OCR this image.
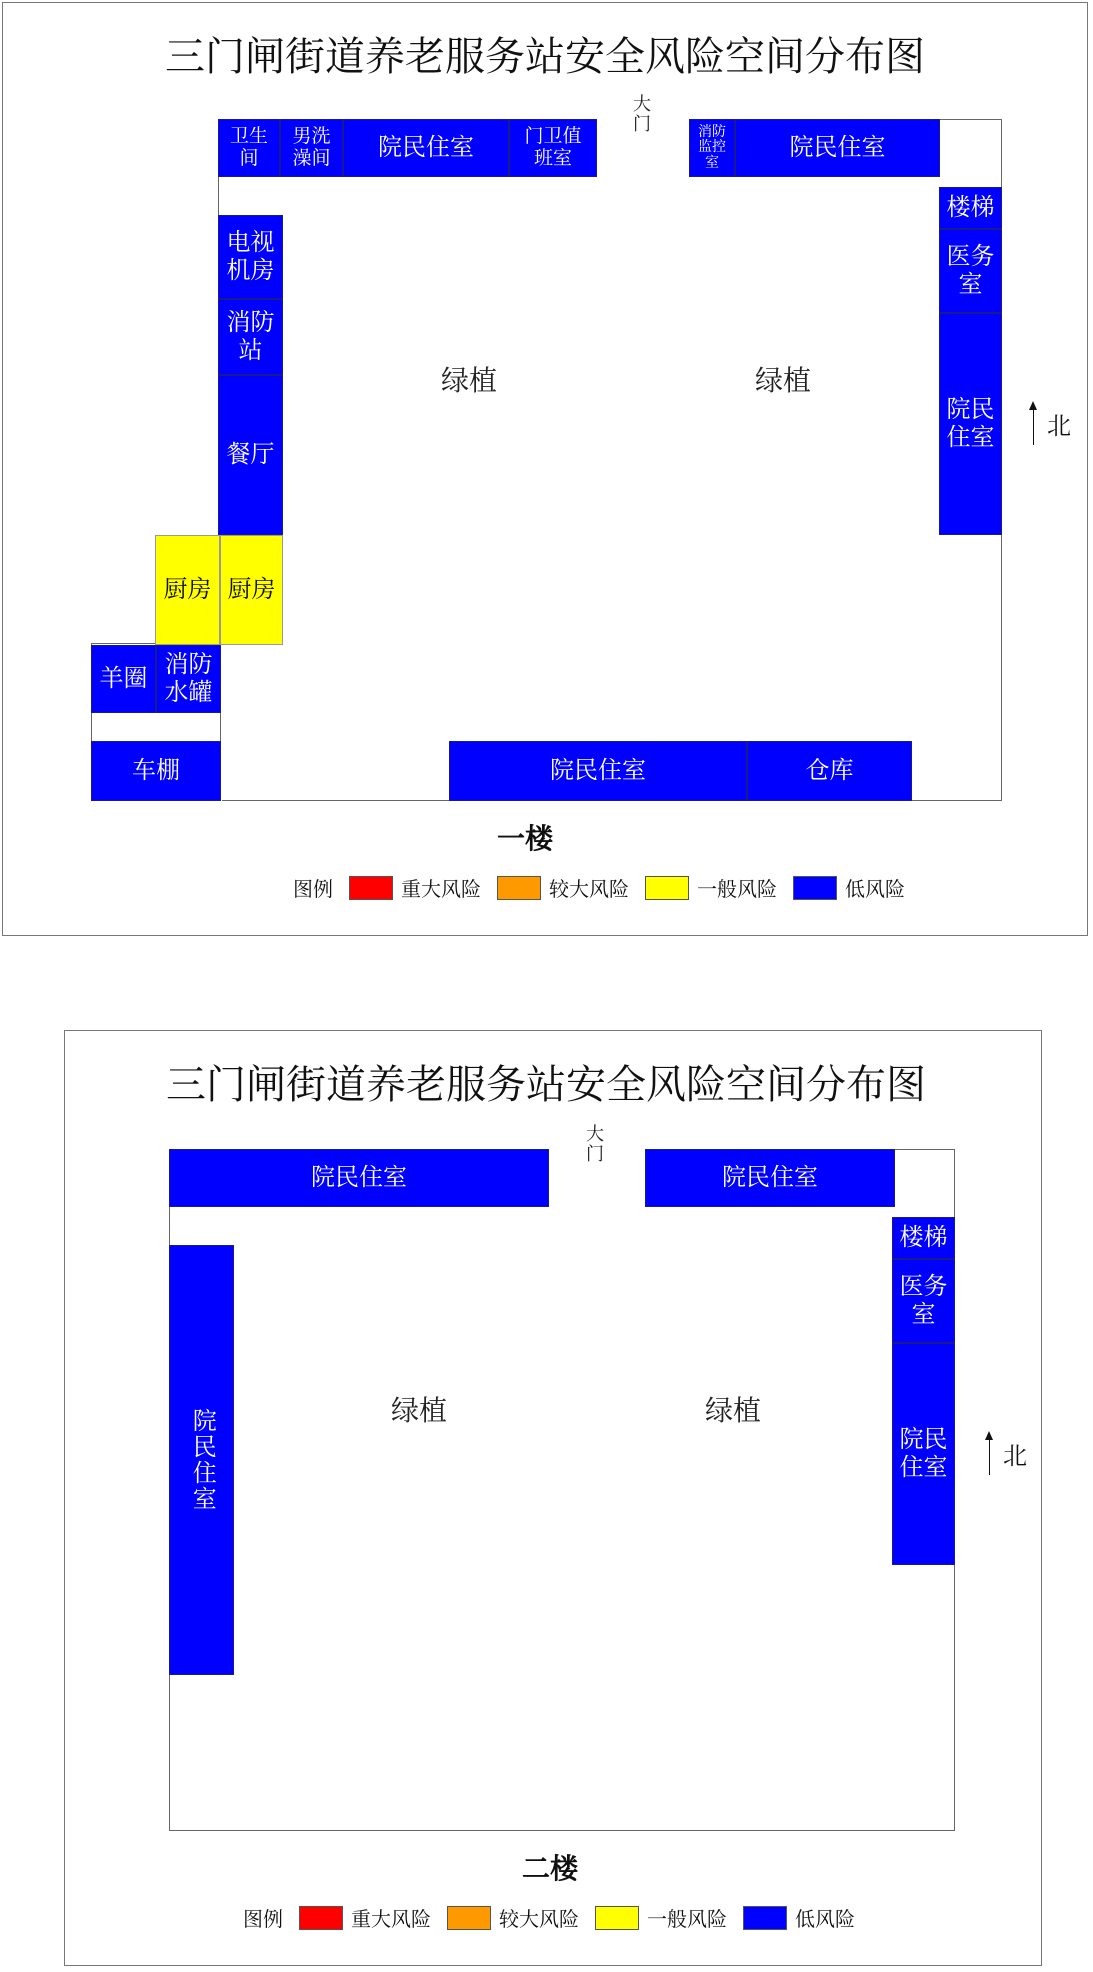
三门闸街道养老服务站安全风险空间分布图
大门
卫生间
男洗澡间 院民住室	门卫值班室
消防监控室
院民住室
楼梯
医务室
院民住室
电视机房
消防站
餐厅
厨房 厨房
羊圈 消防水罐
车棚	院民住室	仓库
绿植	绿植
北
一楼
图例	重大风险	较大风险	一般风险	低风险
三门闸街道养老服务站安全风险空间分布图
大门
院民住室	院民住室
楼梯
医务室
院民住室
院民住室	绿植	绿植
北
二楼
图例	重大风险	较大风险	一般风险	低风险
